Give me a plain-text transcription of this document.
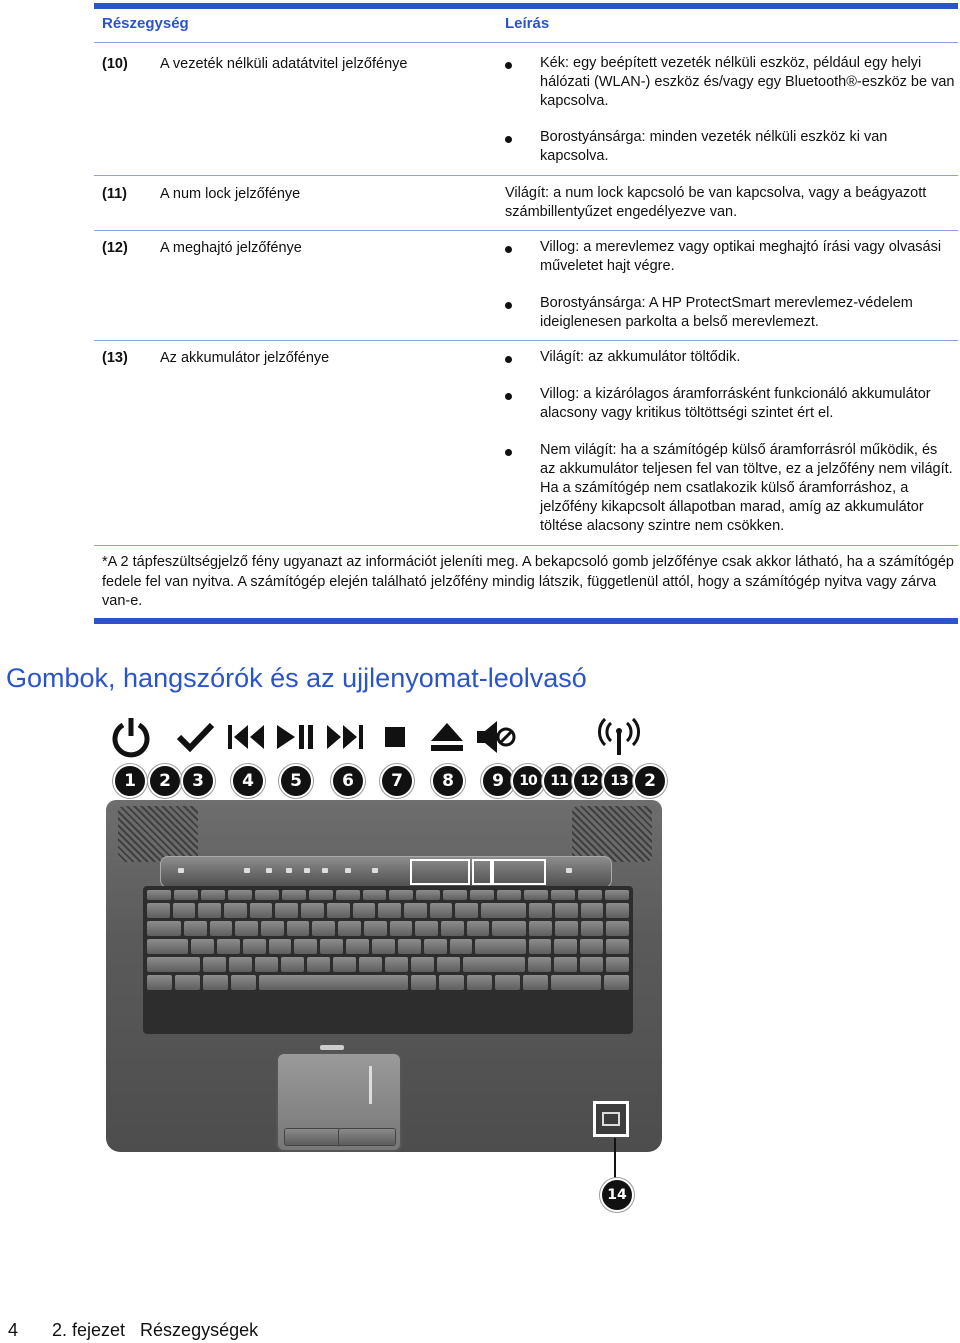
Részegység	Leírás
(10) A vezeték nélküli adatátvitel jelzőfénye	Kék: egy beépített vezeték nélküli eszköz, például egy helyi hálózati (WLAN-) eszköz és/vagy egy Bluetooth®-eszköz be van kapcsolva.
Borostyánsárga: minden vezeték nélküli eszköz ki van kapcsolva.
(11) A num lock jelzőfénye	Világít: a num lock kapcsoló be van kapcsolva, vagy a beágyazott számbillentyűzet engedélyezve van.
(12) A meghajtó jelzőfénye	Villog: a merevlemez vagy optikai meghajtó írási vagy olvasási műveletet hajt végre.
Borostyánsárga: A HP ProtectSmart merevlemez-védelem ideiglenesen parkolta a belső merevlemezt.
(13) Az akkumulátor jelzőfénye	Világít: az akkumulátor töltődik.
Villog: a kizárólagos áramforrásként funkcionáló akkumulátor alacsony vagy kritikus töltöttségi szintet ért el.
Nem világít: ha a számítógép külső áramforrásról működik, és az akkumulátor teljesen fel van töltve, ez a jelzőfény nem világít. Ha a számítógép nem csatlakozik külső áramforráshoz, a jelzőfény kikapcsolt állapotban marad, amíg az akkumulátor töltése alacsony szintre nem csökken.
*A 2 tápfeszültségjelző fény ugyanazt az információt jeleníti meg. A bekapcsoló gomb jelzőfénye csak akkor látható, ha a számítógép fedele fel van nyitva. A számítógép elején található jelzőfény mindig látszik, függetlenül attól, hogy a számítógép nyitva vagy zárva van-e.
Gombok, hangszórók és az ujjlenyomat-leolvasó
1	2	3	4	5	6	7	8	9	10 11 12 13 2
14
4 2. fejezet   Részegységek
